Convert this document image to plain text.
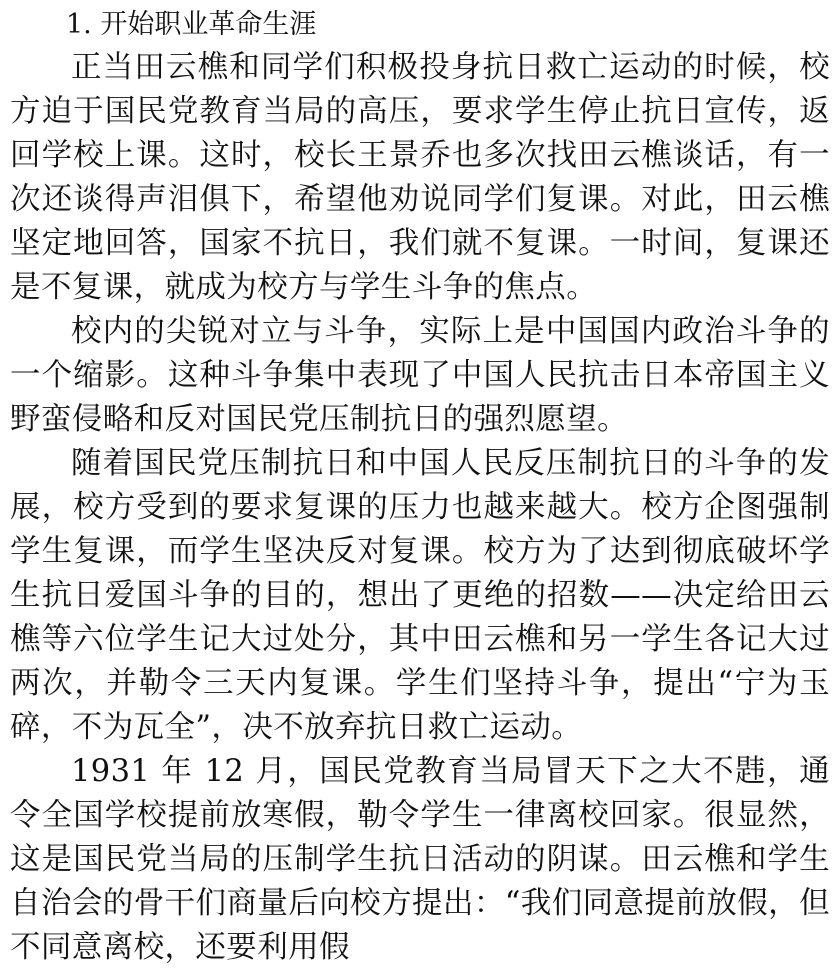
1. 开始职业革命生涯

正当田云樵和同学们积极投身抗日救亡运动的时候，校方迫于国民党教育当局的高压，要求学生停止抗日宣传，返回学校上课。这时，校长王景乔也多次找田云樵谈话，有一次还谈得声泪俱下，希望他劝说同学们复课。对此，田云樵坚定地回答，国家不抗日，我们就不复课。一时间，复课还是不复课，就成为校方与学生斗争的焦点。

校内的尖锐对立与斗争，实际上是中国国内政治斗争的一个缩影。这种斗争集中表现了中国人民抗击日本帝国主义野蛮侵略和反对国民党压制抗日的强烈愿望。

随着国民党压制抗日和中国人民反压制抗日的斗争的发展，校方受到的要求复课的压力也越来越大。校方企图强制学生复课，而学生坚决反对复课。校方为了达到彻底破坏学生抗日爱国斗争的目的，想出了更绝的招数——决定给田云樵等六位学生记大过处分，其中田云樵和另一学生各记大过两次，并勒令三天内复课。学生们坚持斗争，提出“宁为玉碎，不为瓦全”，决不放弃抗日救亡运动。

1931 年 12 月，国民党教育当局冒天下之大不韪，通令全国学校提前放寒假，勒令学生一律离校回家。很显然，这是国民党当局的压制学生抗日活动的阴谋。田云樵和学生自治会的骨干们商量后向校方提出：“我们同意提前放假，但不同意离校，还要利用假
